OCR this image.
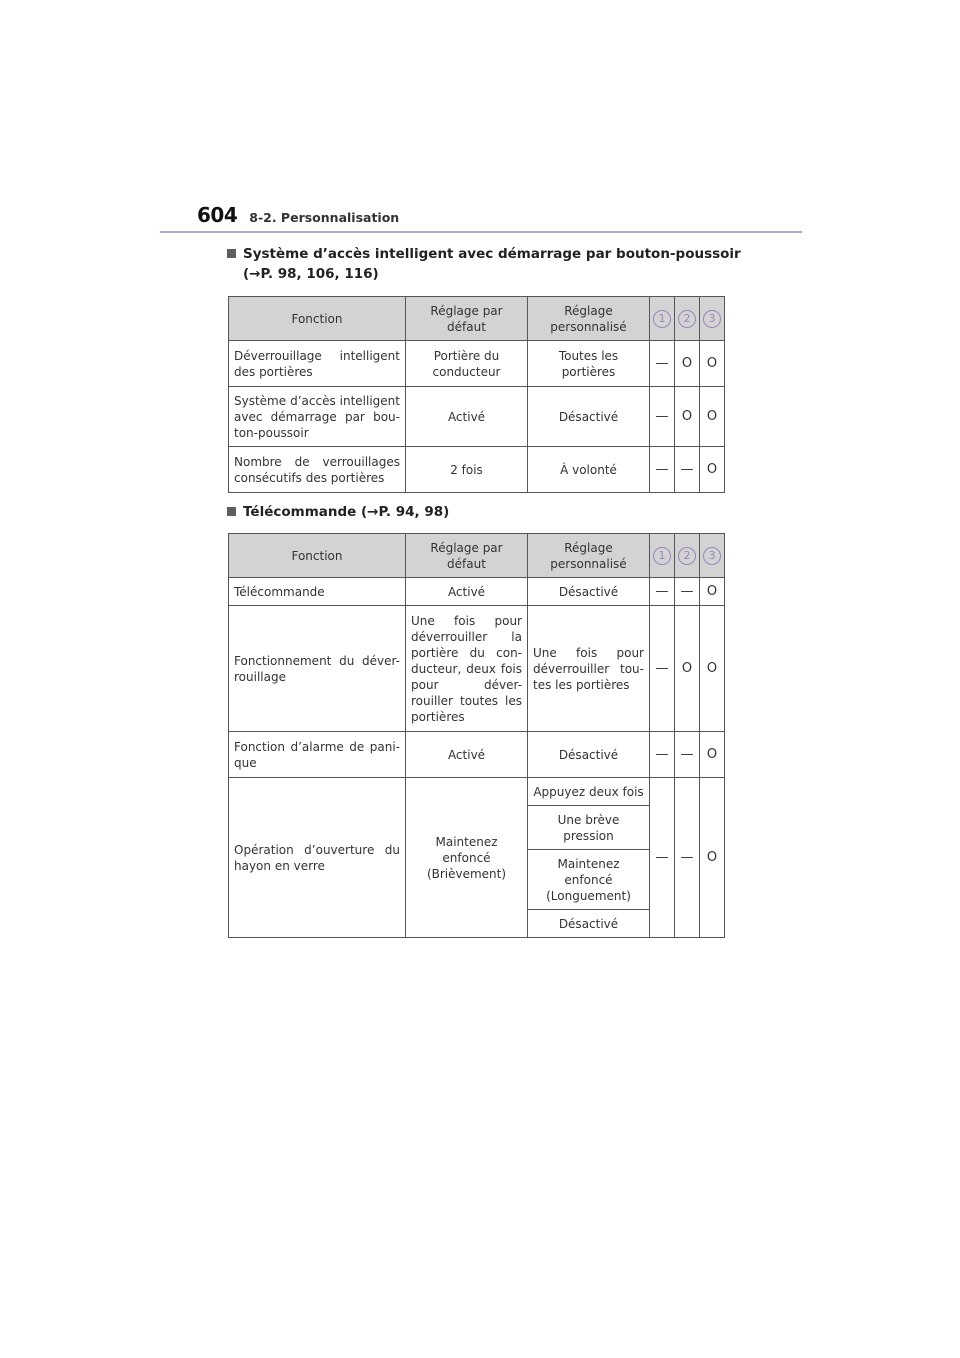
604 8-2. Personnalisation
Système d’accès intelligent avec démarrage par bouton-poussoir
(→P. 98, 106, 116)
Fonction	Réglage par défaut	Réglage personnalisé	1	2	3
Déverrouillage intelligent des portières	Portière du conducteur	Toutes les portières	—	O	O
Système d’accès intelligent avec démarrage par bou-ton-poussoir	Activé	Désactivé	—	O	O
Nombre de verrouillages consécutifs des portières	2 fois	À volonté	—	—	O
Télécommande (→P. 94, 98)
Fonction	Réglage par défaut	Réglage personnalisé	1	2	3
Télécommande	Activé	Désactivé	—	—	O
Fonctionnement du déver-rouillage	Une fois pour déverrouiller la portière du con-ducteur, deux fois pour déver-rouiller toutes les portières	Une fois pour déverrouiller tou-tes les portières	—	O	O
Fonction d’alarme de pani-que	Activé	Désactivé	—	—	O
Opération d’ouverture du hayon en verre	Maintenez enfoncé (Brièvement)	Appuyez deux fois	—	—	O
		Une brève pression			
		Maintenez enfoncé (Longuement)			
		Désactivé			
